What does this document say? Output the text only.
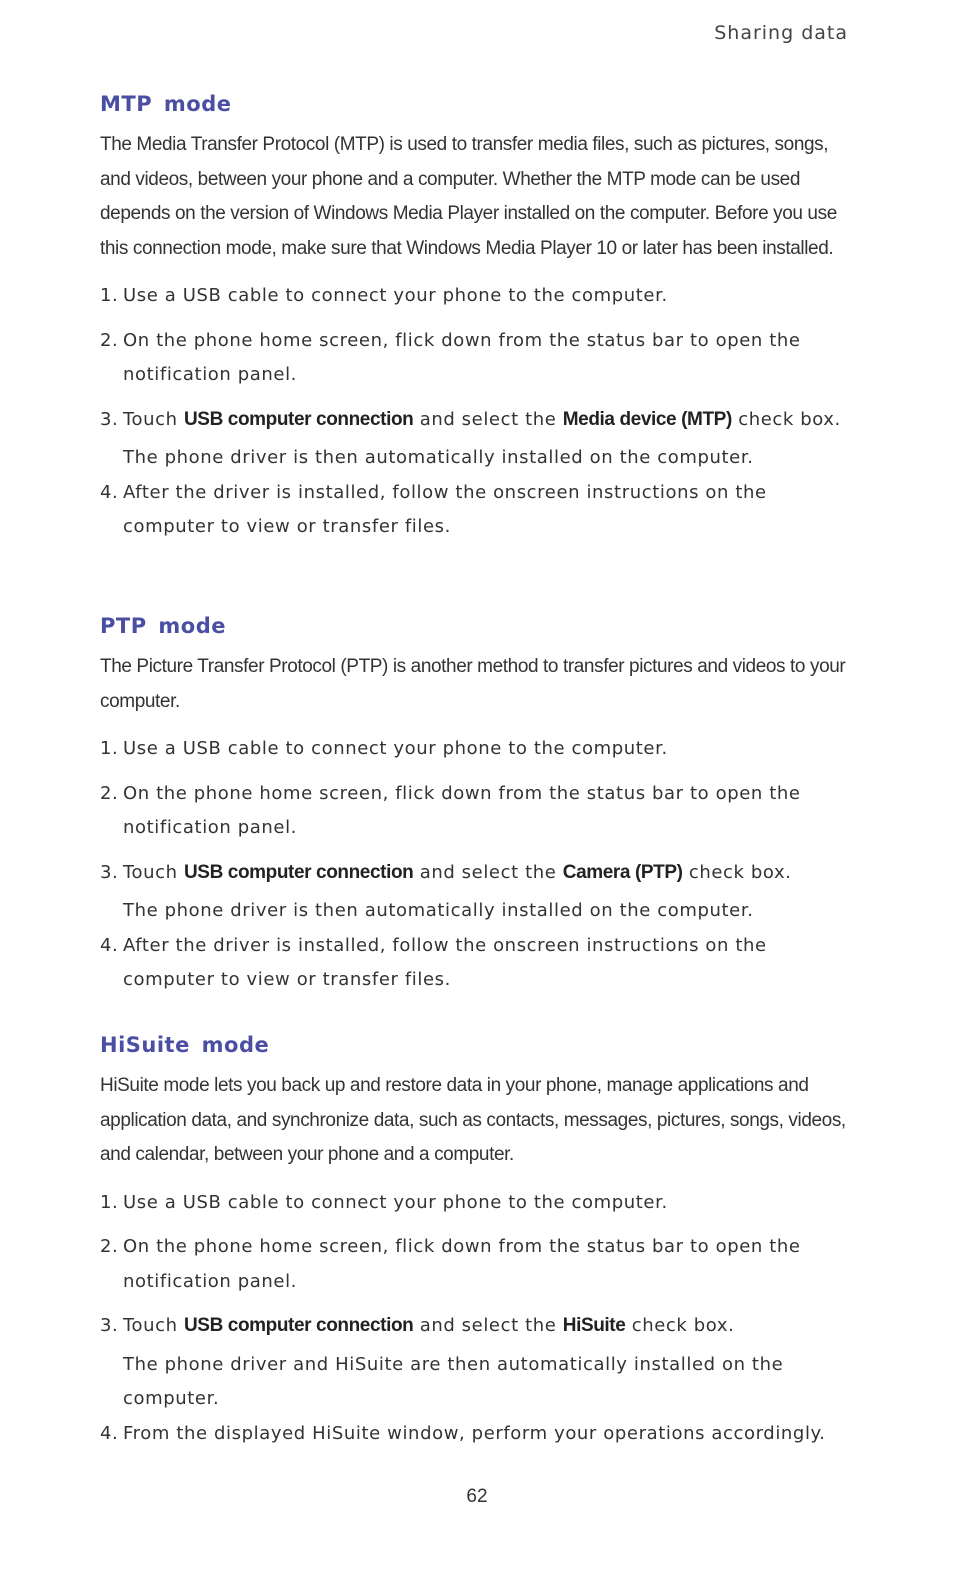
Sharing data
MTP mode

The Media Transfer Protocol (MTP) is used to transfer media files, such as pictures, songs, and videos, between your phone and a computer. Whether the MTP mode can be used depends on the version of Windows Media Player installed on the computer. Before you use this connection mode, make sure that Windows Media Player 10 or later has been installed.

1. Use a USB cable to connect your phone to the computer.
2. On the phone home screen, flick down from the status bar to open the notification panel.
3. Touch USB computer connection and select the Media device (MTP) check box.
The phone driver is then automatically installed on the computer.
4. After the driver is installed, follow the onscreen instructions on the computer to view or transfer files.
PTP mode

The Picture Transfer Protocol (PTP) is another method to transfer pictures and videos to your computer.

1. Use a USB cable to connect your phone to the computer.
2. On the phone home screen, flick down from the status bar to open the notification panel.
3. Touch USB computer connection and select the Camera (PTP) check box.
The phone driver is then automatically installed on the computer.
4. After the driver is installed, follow the onscreen instructions on the computer to view or transfer files.
HiSuite mode

HiSuite mode lets you back up and restore data in your phone, manage applications and application data, and synchronize data, such as contacts, messages, pictures, songs, videos, and calendar, between your phone and a computer.

1. Use a USB cable to connect your phone to the computer.
2. On the phone home screen, flick down from the status bar to open the notification panel.
3. Touch USB computer connection and select the HiSuite check box.
The phone driver and HiSuite are then automatically installed on the computer.
4. From the displayed HiSuite window, perform your operations accordingly.
62
